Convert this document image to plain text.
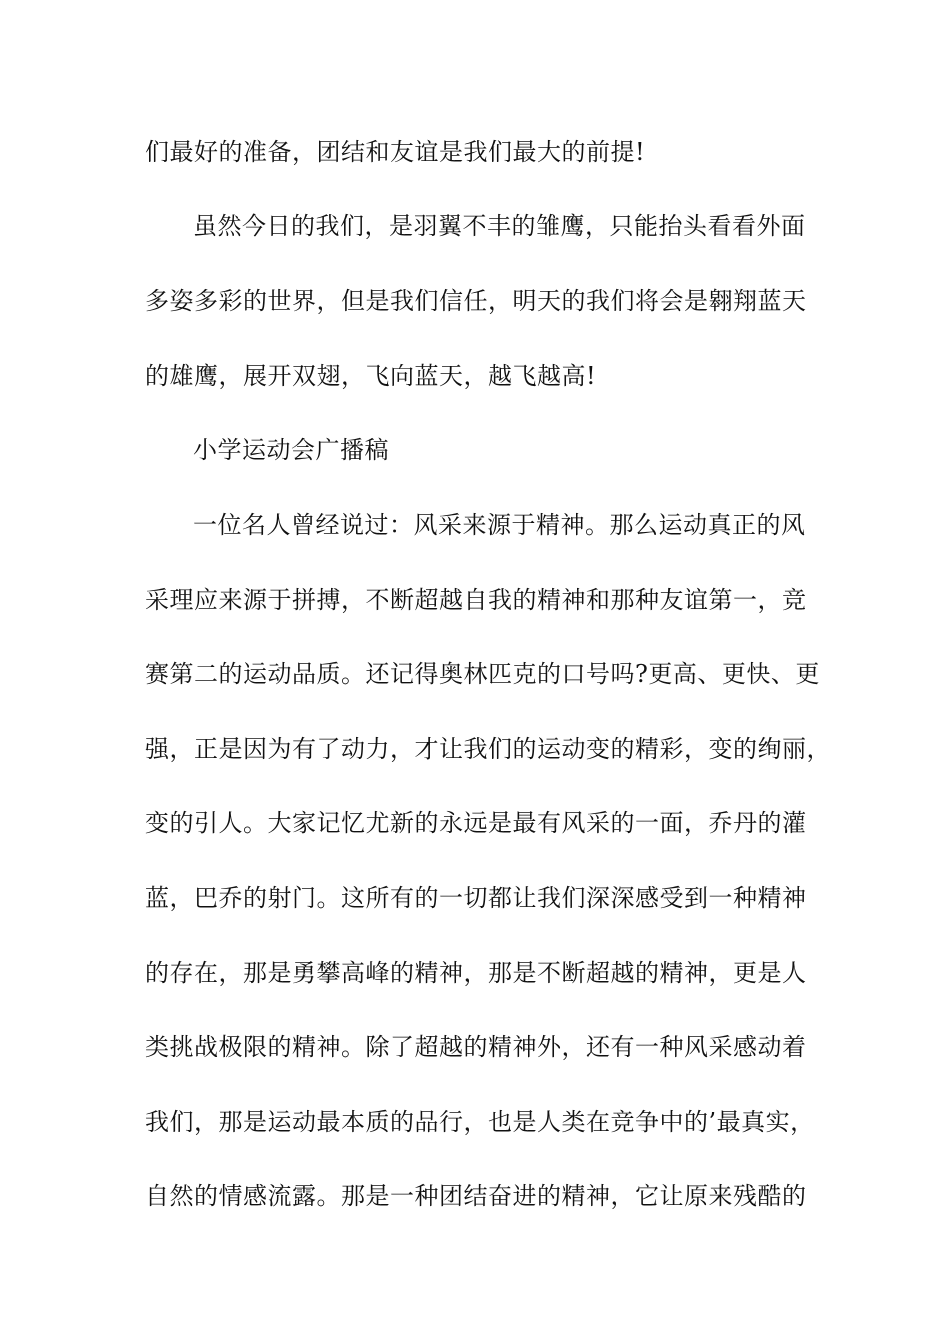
们最好的准备，团结和友谊是我们最大的前提!
虽然今日的我们，是羽翼不丰的雏鹰，只能抬头看看外面
多姿多彩的世界，但是我们信任，明天的我们将会是翱翔蓝天
的雄鹰，展开双翅，飞向蓝天，越飞越高!
小学运动会广播稿
一位名人曾经说过：风采来源于精神。那么运动真正的风
采理应来源于拼搏，不断超越自我的精神和那种友谊第一，竞
赛第二的运动品质。还记得奥林匹克的口号吗?更高、更快、更
强，正是因为有了动力，才让我们的运动变的精彩，变的绚丽，
变的引人。大家记忆尤新的永远是最有风采的一面，乔丹的灌
蓝，巴乔的射门。这所有的一切都让我们深深感受到一种精神
的存在，那是勇攀高峰的精神，那是不断超越的精神，更是人
类挑战极限的精神。除了超越的精神外，还有一种风采感动着
我们，那是运动最本质的品行，也是人类在竞争中的’最真实，
自然的情感流露。那是一种团结奋进的精神，它让原来残酷的
